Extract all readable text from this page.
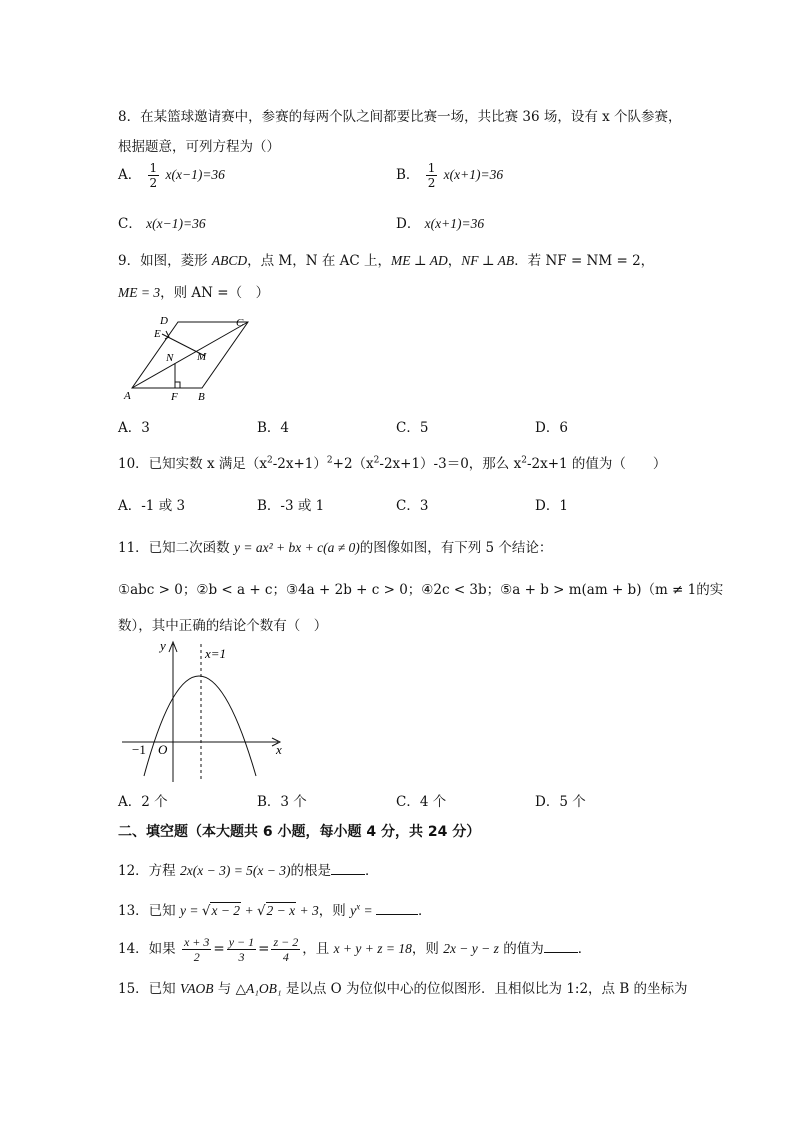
8．在某篮球邀请赛中，参赛的每两个队之间都要比赛一场，共比赛 36 场，设有 x 个队参赛，
根据题意，可列方程为（）
A． $\frac{1}{2} x(x-1)=36$	B． $\frac{1}{2} x(x+1)=36$
C． x(x−1)=36	D． x(x+1)=36
9．如图，菱形 ABCD，点 M，N 在 AC 上，ME ⊥ AD，NF ⊥ AB．若 NF = NM = 2，
ME = 3，则 AN =（　）
D	C
E
N M
A	F B
A．3	B．4	C．5	D．6
10．已知实数 x 满足$(x^2-2x+1)^2+2(x^2-2x+1)-3=0$，那么 $x^2-2x+1$ 的值为（　　）
A．-1 或 3	B．-3 或 1	C．3	D．1
11．已知二次函数 y = ax² + bx + c(a ≠ 0)的图像如图，有下列 5 个结论：
①abc > 0；②b < a + c；③4a + 2b + c > 0；④2c < 3b；⑤a + b > m(am + b)（m ≠ 1的实
数），其中正确的结论个数有（　）
y
x
x=1
−1 O
A．2 个	B．3 个	C．4 个	D．5 个
二、填空题（本大题共 6 小题，每小题 4 分，共 24 分）
12．方程 2x(x − 3) = 5(x − 3)的根是	．
13．已知 y = √x − 2 + √2 − x + 3，则 $y^x$ =	．
14．如果 $\frac{x + 3}{2} = \frac{y - 1}{3} = \frac{z - 2}{4}$ ，且 x + y + z = 18，则 2x − y − z 的值为	．
15．已知 VAOB 与 △A₁OB₁ 是以点 O 为位似中心的位似图形．且相似比为 1:2，点 B 的坐标为
